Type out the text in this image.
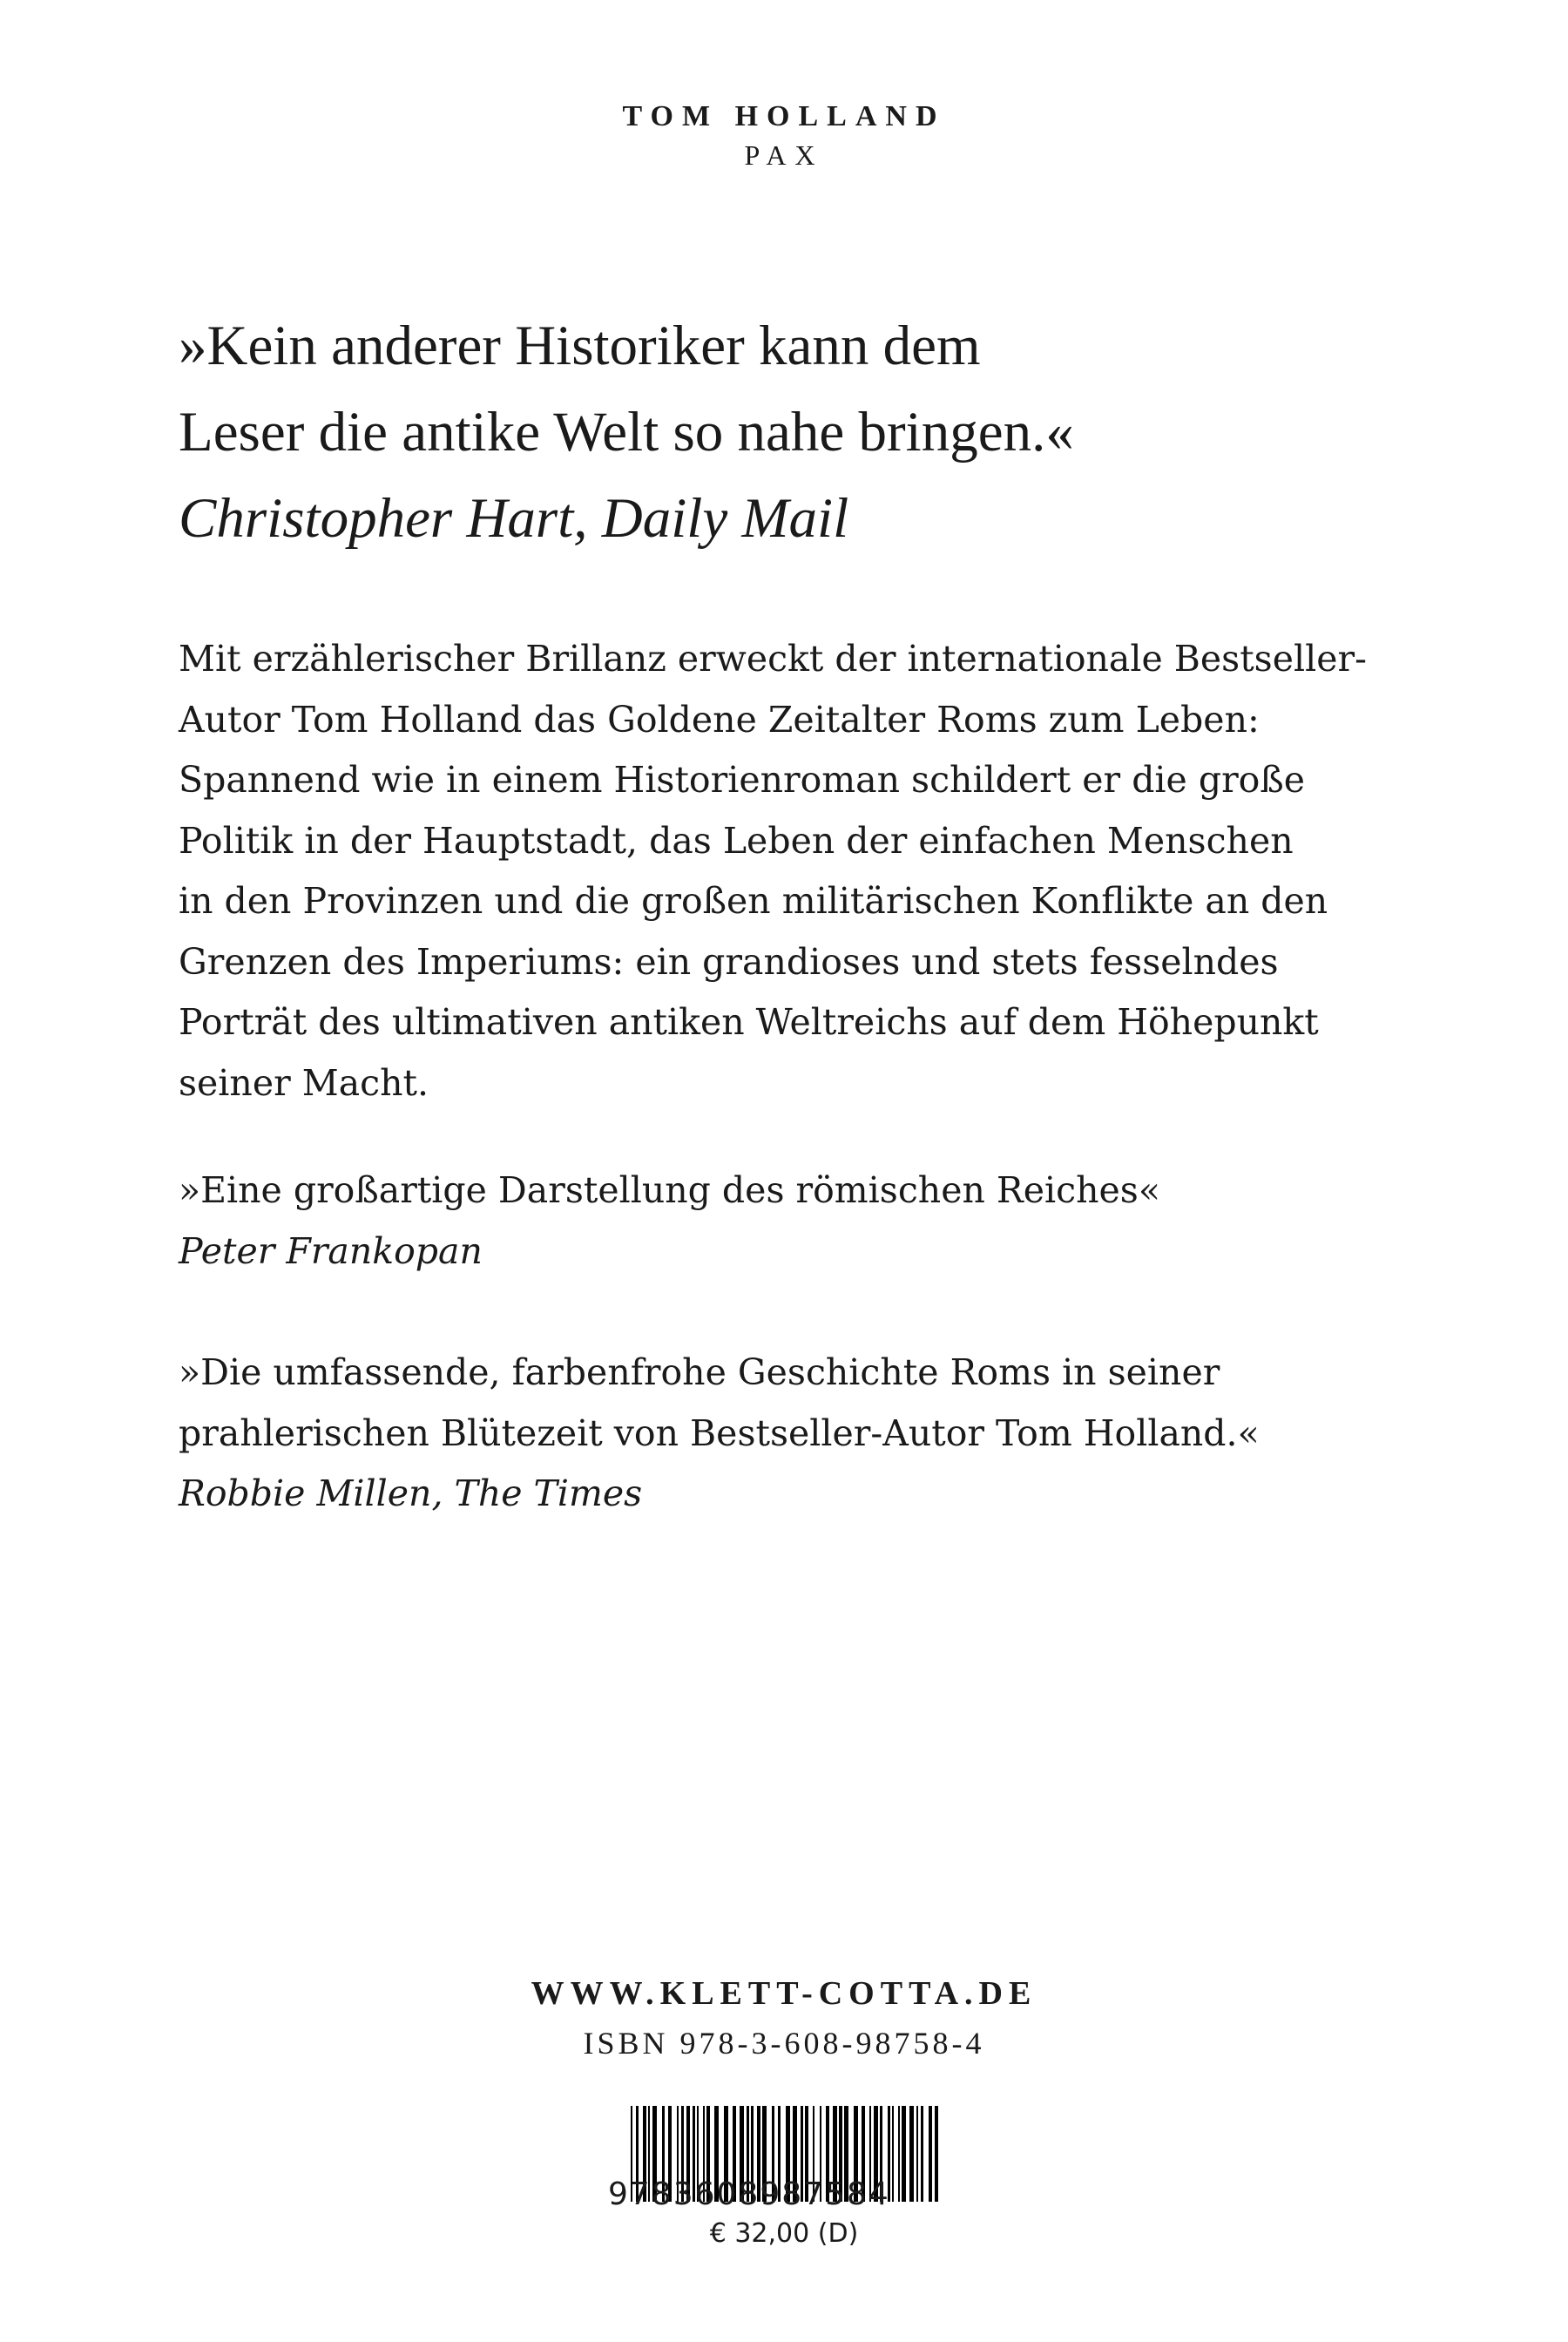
TOM HOLLAND
PAX

»Kein anderer Historiker kann dem

Leser die antike Welt so nahe bringen.«

Christopher Hart, Daily Mail

Mit erzählerischer Brillanz erweckt der internationale Bestseller-

Autor Tom Holland das Goldene Zeitalter Roms zum Leben:

Spannend wie in einem Historienroman schildert er die große

Politik in der Hauptstadt, das Leben der einfachen Menschen

in den Provinzen und die großen militärischen Konflikte an den

Grenzen des Imperiums: ein grandioses und stets fesselndes

Porträt des ultimativen antiken Weltreichs auf dem Höhepunkt

seiner Macht.

»Eine großartige Darstellung des römischen Reiches«

Peter Frankopan

»Die umfassende, farbenfrohe Geschichte Roms in seiner

prahlerischen Blütezeit von Bestseller-Autor Tom Holland.«

Robbie Millen, The Times

WWW.KLETT-COTTA.DE
ISBN 978-3-608-98758-4
9783608987584
€ 32,00 (D)
